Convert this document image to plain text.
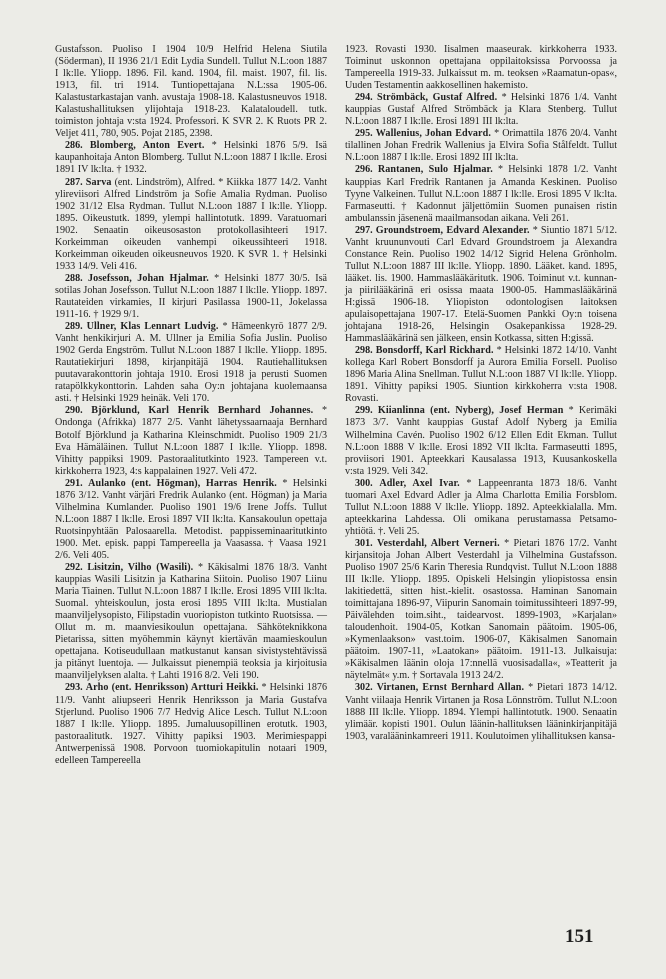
Gustafsson. Puoliso I 1904 10/9 Helfrid Helena Siutila (Söderman), II 1936 21/1 Edit Lydia Sundell. Tullut N.L:oon 1887 I lk:lle. Yliopp. 1896. Fil. kand. 1904, fil. maist. 1907, fil. lis. 1913, fil. tri 1914. Tuntiopettajana N.L:ssa 1905-06. Kalastustarkastajan vanh. avustaja 1908-18. Kalastusneuvos 1918. Kalastushallituksen ylijohtaja 1918-23. Kalataloudell. tutk. toimiston johtaja v:sta 1924. Professori. K SVR 2. K Ruots PR 2. Veljet 411, 780, 905. Pojat 2185, 2398.

286. Blomberg, Anton Evert. * Helsinki 1876 5/9. Isä kaupanhoitaja Anton Blomberg. Tullut N.L:oon 1887 I lk:lle. Erosi 1891 IV lk:lta. † 1932.

287. Sarva (ent. Lindström), Alfred. * Kiikka 1877 14/2. Vanht ylireviisori Alfred Lindström ja Sofie Amalia Rydman. Puoliso 1902 31/12 Elsa Rydman. Tullut N.L:oon 1887 I lk:lle. Yliopp. 1895. Oikeustutk. 1899, ylempi hallintotutk. 1899. Varatuomari 1902. Senaatin oikeusosaston protokollasihteeri 1917. Korkeimman oikeuden vanhempi oikeussihteeri 1918. Korkeimman oikeuden oikeusneuvos 1920. K SVR 1. † Helsinki 1933 14/9. Veli 416.

288. Josefsson, Johan Hjalmar. * Helsinki 1877 30/5. Isä sotilas Johan Josefsson. Tullut N.L:oon 1887 I lk:lle. Yliopp. 1897. Rautateiden virkamies, II kirjuri Pasilassa 1900-11, Jokelassa 1911-16. † 1929 9/1.

289. Ullner, Klas Lennart Ludvig. * Hämeenkyrö 1877 2/9. Vanht henkikirjuri A. M. Ullner ja Emilia Sofia Juslin. Puoliso 1902 Gerda Engström. Tullut N.L:oon 1887 I lk:lle. Yliopp. 1895. Rautatiekirjuri 1898, kirjanpitäjä 1904. Rautiehallituksen puutavarakonttorin johtaja 1910. Erosi 1918 ja perusti Suomen ratapölkkykonttorin. Lahden saha Oy:n johtajana kuolemaansa asti. † Helsinki 1929 heinäk. Veli 170.

290. Björklund, Karl Henrik Bernhard Johannes. * Ondonga (Afrikka) 1877 2/5. Vanht lähetyssaarnaaja Bernhard Botolf Björklund ja Katharina Kleinschmidt. Puoliso 1909 21/3 Eva Hämäläinen. Tullut N.L:oon 1887 I lk:lle. Yliopp. 1898. Vihitty pappiksi 1909. Pastoraalitutkinto 1923. Tampereen v.t. kirkkoherra 1923, 4:s kappalainen 1927. Veli 472.

291. Aulanko (ent. Högman), Harras Henrik. * Helsinki 1876 3/12. Vanht värjäri Fredrik Aulanko (ent. Högman) ja Maria Vilhelmina Kumlander. Puoliso 1901 19/6 Irene Joffs. Tullut N.L:oon 1887 I lk:lle. Erosi 1897 VII lk:lta. Kansakoulun opettaja Ruotsinpyhtään Palosaarella. Metodist. pappisseminaaritutkinto 1900. Met. episk. pappi Tampereella ja Vaasassa. † Vaasa 1921 2/6. Veli 405.

292. Lisitzin, Vilho (Wasili). * Käkisalmi 1876 18/3. Vanht kauppias Wasili Lisitzin ja Katharina Siitoin. Puoliso 1907 Liinu Maria Tiainen. Tullut N.L:oon 1887 I lk:lle. Erosi 1895 VIII lk:lta. Suomal. yhteiskoulun, josta erosi 1895 VIII lk:lta. Mustialan maanviljelysopisto, Filipstadin vuoriopiston tutkinto Ruotsissa. — Ollut m. m. maanviesikoulun opettajana. Sähköteknikkona Pietarissa, sitten myöhemmin käynyt kiertävän maamieskoulun opettajana. Kotiseudullaan matkustanut kansan sivistystehtävissä ja pitänyt luentoja. — Julkaissut pienempiä teoksia ja kirjoitusia maanviljelyksen alalta. † Lahti 1916 8/2. Veli 190.

293. Arho (ent. Henriksson) Artturi Heikki. * Helsinki 1876 11/9. Vanht aliupseeri Henrik Henriksson ja Maria Gustafva Stjerlund. Puoliso 1906 7/7 Hedvig Alice Lesch. Tullut N.L:oon 1887 I lk:lle. Yliopp. 1895. Jumaluusopillinen erotutk. 1903, pastoraalitutk. 1927. Vihitty papiksi 1903. Merimiespappi Antwerpenissä 1908. Porvoon tuomiokapitulin notaari 1909, edelleen Tampereella

1923. Rovasti 1930. Iisalmen maaseurak. kirkkoherra 1933. Toiminut uskonnon opettajana oppilaitoksissa Porvoossa ja Tampereella 1919-33. Julkaissut m. m. teoksen »Raamatun-opas«, Uuden Testamentin aakkosellinen hakemisto.

294. Strömbäck, Gustaf Alfred. * Helsinki 1876 1/4. Vanht kauppias Gustaf Alfred Strömbäck ja Klara Stenberg. Tullut N.L:oon 1887 I lk:lle. Erosi 1891 III lk:lta.

295. Wallenius, Johan Edvard. * Orimattila 1876 20/4. Vanht tilallinen Johan Fredrik Wallenius ja Elvira Sofia Stålfeldt. Tullut N.L:oon 1887 I lk:lle. Erosi 1892 III lk:lta.

296. Rantanen, Sulo Hjalmar. * Helsinki 1878 1/2. Vanht kauppias Karl Fredrik Rantanen ja Amanda Keskinen. Puoliso Tyyne Valkeinen. Tullut N.L:oon 1887 I lk:lle. Erosi 1895 V lk:lta. Farmaseutti. † Kadonnut jäljettömiin Suomen punaisen ristin ambulanssin jäsenenä maailmansodan aikana. Veli 261.

297. Groundstroem, Edvard Alexander. * Siuntio 1871 5/12. Vanht kruununvouti Carl Edvard Groundstroem ja Alexandra Constance Rein. Puoliso 1902 14/12 Sigrid Helena Grönholm. Tullut N.L:oon 1887 III lk:lle. Yliopp. 1890. Lääket. kand. 1895, lääket. lis. 1900. Hammaslääkäritutk. 1906. Toiminut v.t. kunnan- ja piirilääkärinä eri osissa maata 1900-05. Hammaslääkärinä H:gissä 1906-18. Yliopiston odontologisen laitoksen apulaisopettajana 1907-17. Etelä-Suomen Pankki Oy:n toisena johtajana 1918-26, Helsingin Osakepankissa 1928-29. Hammaslääkärinä sen jälkeen, ensin Kotkassa, sitten H:gissä.

298. Bonsdorff, Karl Rickhard. * Helsinki 1872 14/10. Vanht kollega Karl Robert Bonsdorff ja Aurora Emilia Forsell. Puoliso 1896 Maria Alina Snellman. Tullut N.L:oon 1887 VI lk:lle. Yliopp. 1891. Vihitty papiksi 1905. Siuntion kirkkoherra v:sta 1908. Rovasti.

299. Kiianlinna (ent. Nyberg), Josef Herman * Kerimäki 1873 3/7. Vanht kauppias Gustaf Adolf Nyberg ja Emilia Wilhelmina Cavén. Puoliso 1902 6/12 Ellen Edit Ekman. Tullut N.L:oon 1888 V lk:lle. Erosi 1892 VII lk:lta. Farmaseutti 1895, proviisori 1901. Apteekkari Kausalassa 1913, Kuusankoskella v:sta 1929. Veli 342.

300. Adler, Axel Ivar. * Lappeenranta 1873 18/6. Vanht tuomari Axel Edvard Adler ja Alma Charlotta Emilia Forsblom. Tullut N.L:oon 1888 V lk:lle. Yliopp. 1892. Apteekkialalla. Mm. apteekkarina Lahdessa. Oli omikana perustamassa Petsamo-yhtiötä. †. Veli 25.

301. Vesterdahl, Albert Verneri. * Pietari 1876 17/2. Vanht kirjansitoja Johan Albert Vesterdahl ja Vilhelmina Gustafsson. Puoliso 1907 25/6 Karin Theresia Rundqvist. Tullut N.L:oon 1888 III lk:lle. Yliopp. 1895. Opiskeli Helsingin yliopistossa ensin lakitiedettä, sitten hist.-kielit. osastossa. Haminan Sanomain toimittajana 1896-97, Viipurin Sanomain toimitussihteeri 1897-99, Päivälehden toim.siht., taidearvost. 1899-1903, »Karjalan» taloudenhoit. 1904-05, Kotkan Sanomain päätoim. 1905-06, »Kymenlaakson» vast.toim. 1906-07, Käkisalmen Sanomain päätoim. 1907-11, »Laatokan» päätoim. 1911-13. Julkaisuja: »Käkisalmen läänin oloja 17:nnellä vuosisadalla«, »Teatterit ja näytelmät« y.m. † Sortavala 1913 24/2.

302. Virtanen, Ernst Bernhard Allan. * Pietari 1873 14/12. Vanht viilaaja Henrik Virtanen ja Rosa Lönnström. Tullut N.L:oon 1888 III lk:lle. Yliopp. 1894. Ylempi hallintotutk. 1900. Senaatin ylimäär. kopisti 1901. Oulun läänin-hallituksen lääninkirjanpitäjä 1903, varalääninkamreeri 1911. Koulutoimen ylihallituksen kansa-

151
